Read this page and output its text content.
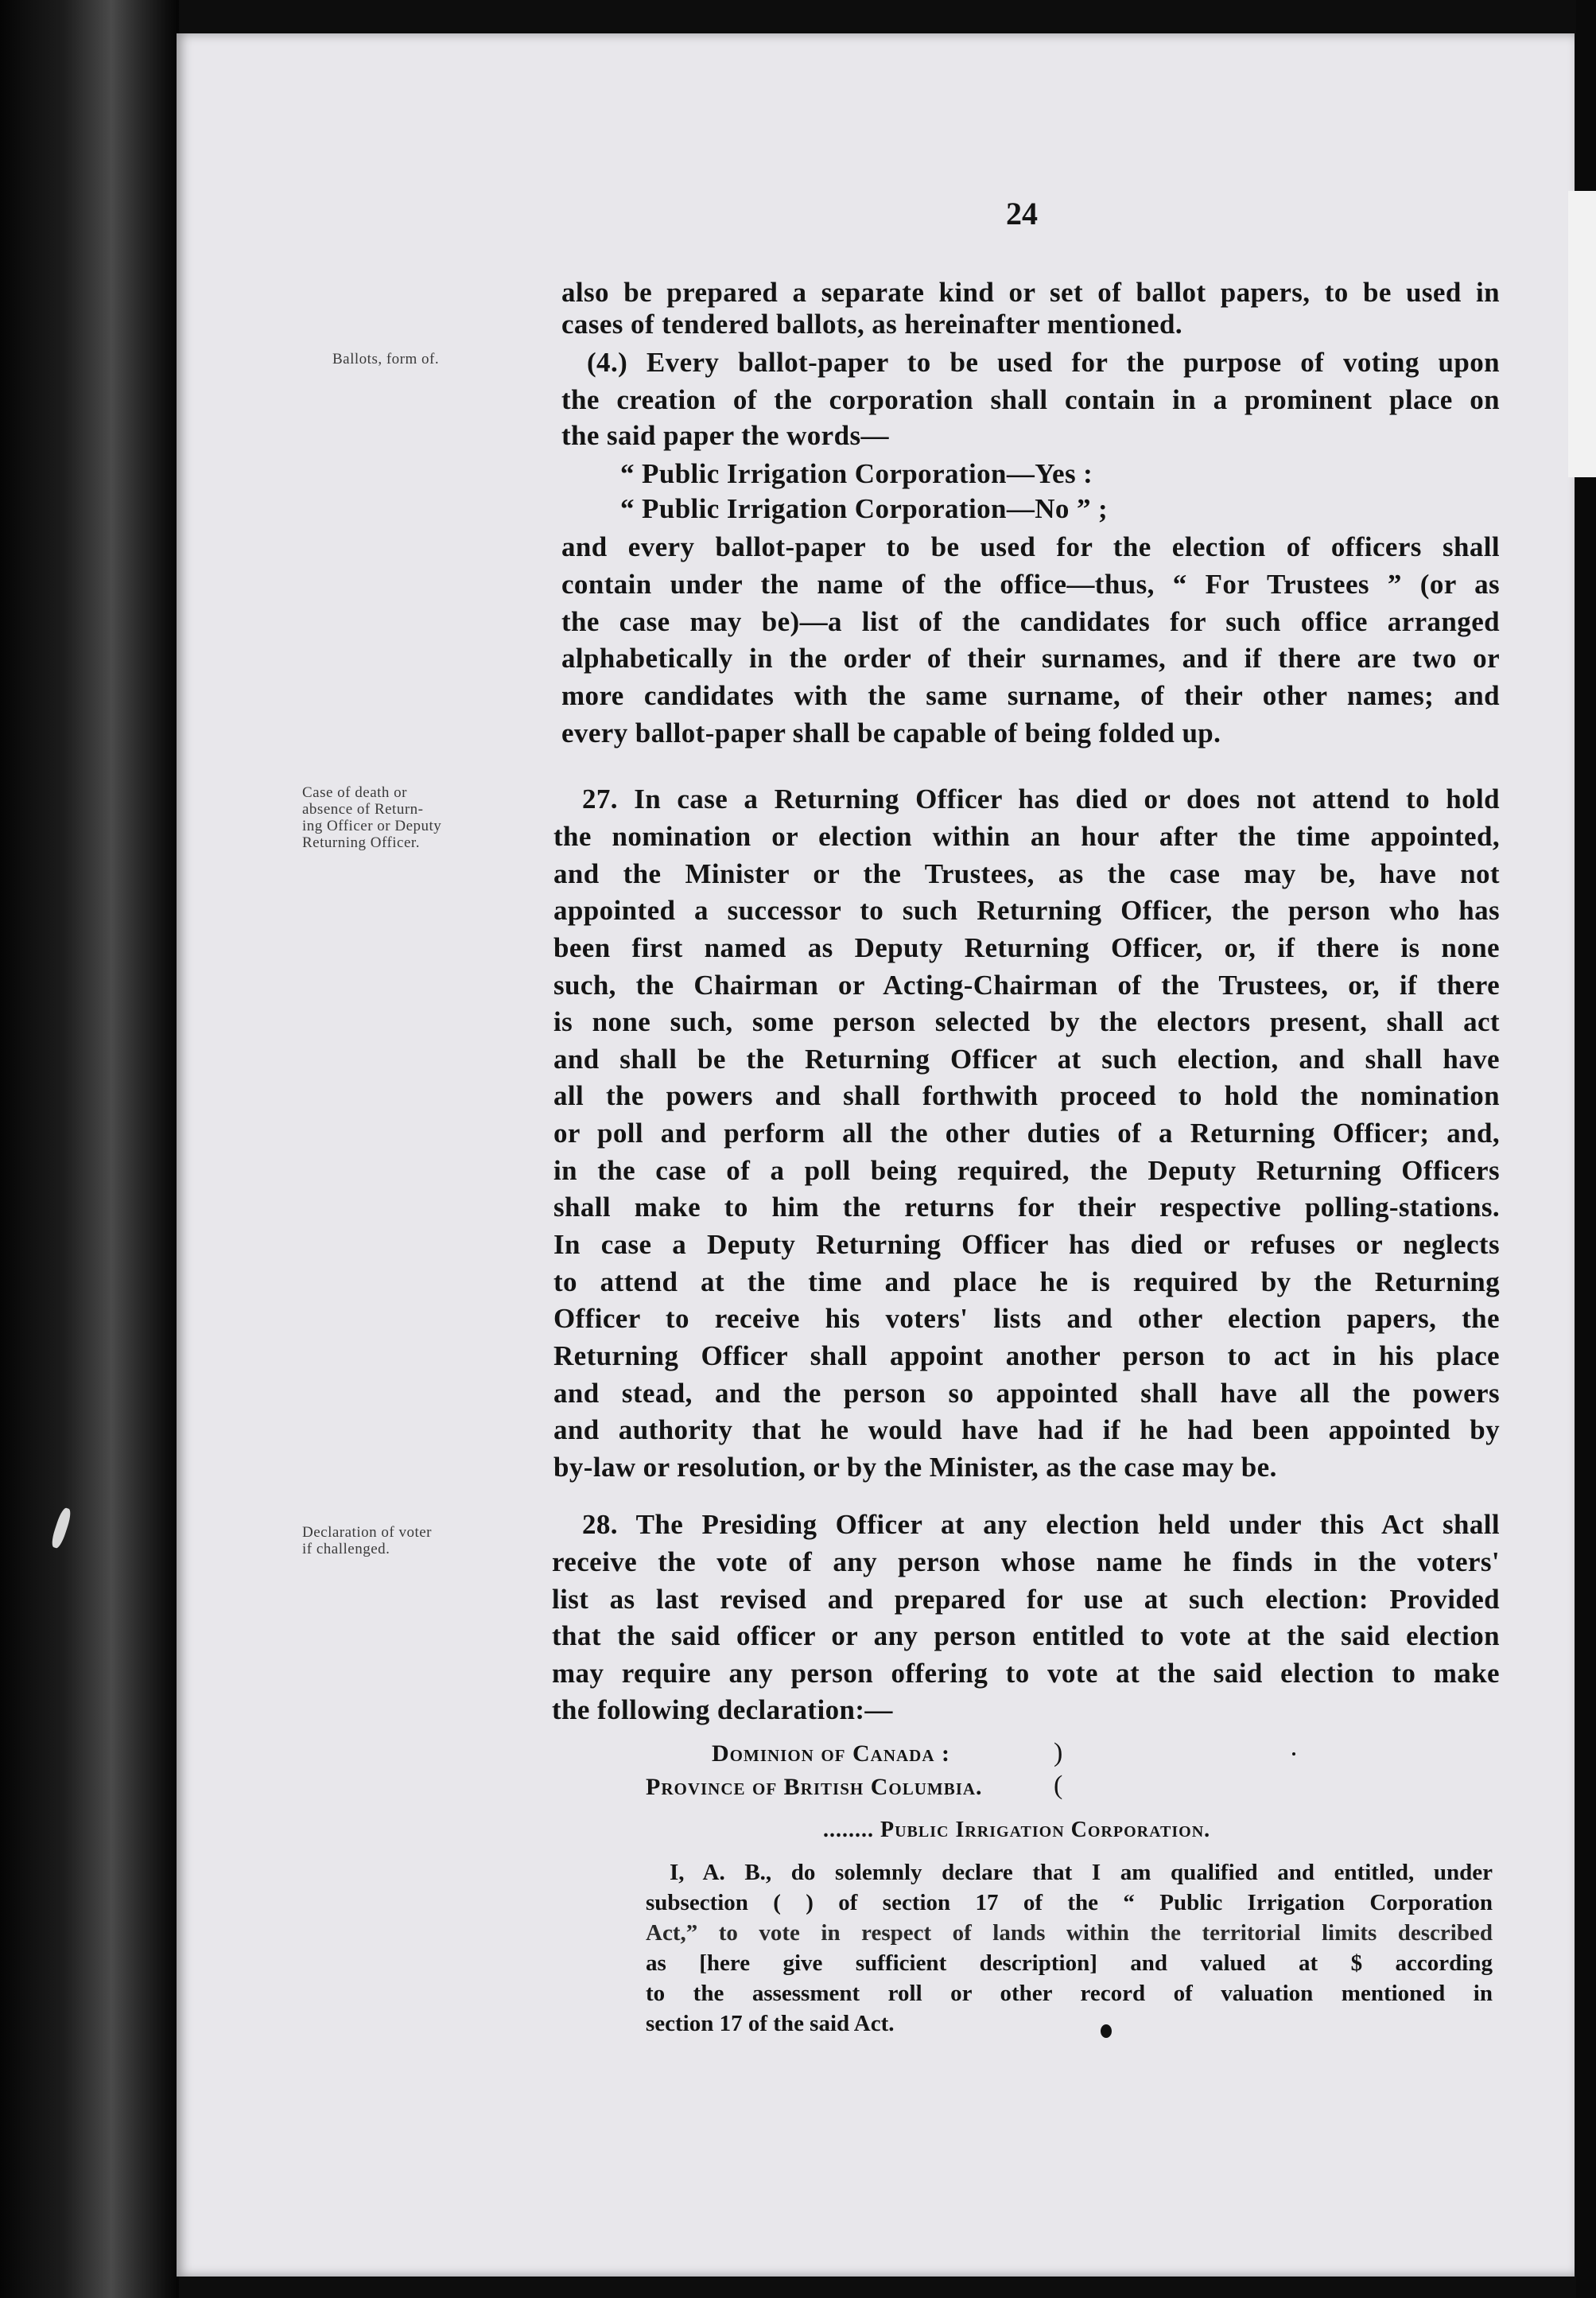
24
Ballots, form of.
Case of death or
absence of Return-
ing Officer or Deputy
Returning Officer.
Declaration of voter
if challenged.
also be prepared a separate kind or set of ballot papers, to be used in
cases of tendered ballots, as hereinafter mentioned.
(4.) Every ballot-paper to be used for the purpose of voting upon
the creation of the corporation shall contain in a prominent place on
the said paper the words—
“ Public Irrigation Corporation—Yes :
“ Public Irrigation Corporation—No ” ;
and every ballot-paper to be used for the election of officers shall
contain under the name of the office—thus, “ For Trustees ” (or as
the case may be)—a list of the candidates for such office arranged
alphabetically in the order of their surnames, and if there are two or
more candidates with the same surname, of their other names; and
every ballot-paper shall be capable of being folded up.
27. In case a Returning Officer has died or does not attend to hold
the nomination or election within an hour after the time appointed,
and the Minister or the Trustees, as the case may be, have not
appointed a successor to such Returning Officer, the person who has
been first named as Deputy Returning Officer, or, if there is none
such, the Chairman or Acting-Chairman of the Trustees, or, if there
is none such, some person selected by the electors present, shall act
and shall be the Returning Officer at such election, and shall have
all the powers and shall forthwith proceed to hold the nomination
or poll and perform all the other duties of a Returning Officer; and,
in the case of a poll being required, the Deputy Returning Officers
shall make to him the returns for their respective polling-stations.
In case a Deputy Returning Officer has died or refuses or neglects
to attend at the time and place he is required by the Returning
Officer to receive his voters' lists and other election papers, the
Returning Officer shall appoint another person to act in his place
and stead, and the person so appointed shall have all the powers
and authority that he would have had if he had been appointed by
by-law or resolution, or by the Minister, as the case may be.
28. The Presiding Officer at any election held under this Act shall
receive the vote of any person whose name he finds in the voters'
list as last revised and prepared for use at such election: Provided
that the said officer or any person entitled to vote at the said election
may require any person offering to vote at the said election to make
the following declaration:—
Dominion of Canada :	)
Province of British Columbia.	(
........ Public Irrigation Corporation.
I, A. B., do solemnly declare that I am qualified and entitled, under
subsection ( ) of section 17 of the “ Public Irrigation Corporation
Act,” to vote in respect of lands within the territorial limits described
as [here give sufficient description] and valued at $ according
to the assessment roll or other record of valuation mentioned in
section 17 of the said Act.
